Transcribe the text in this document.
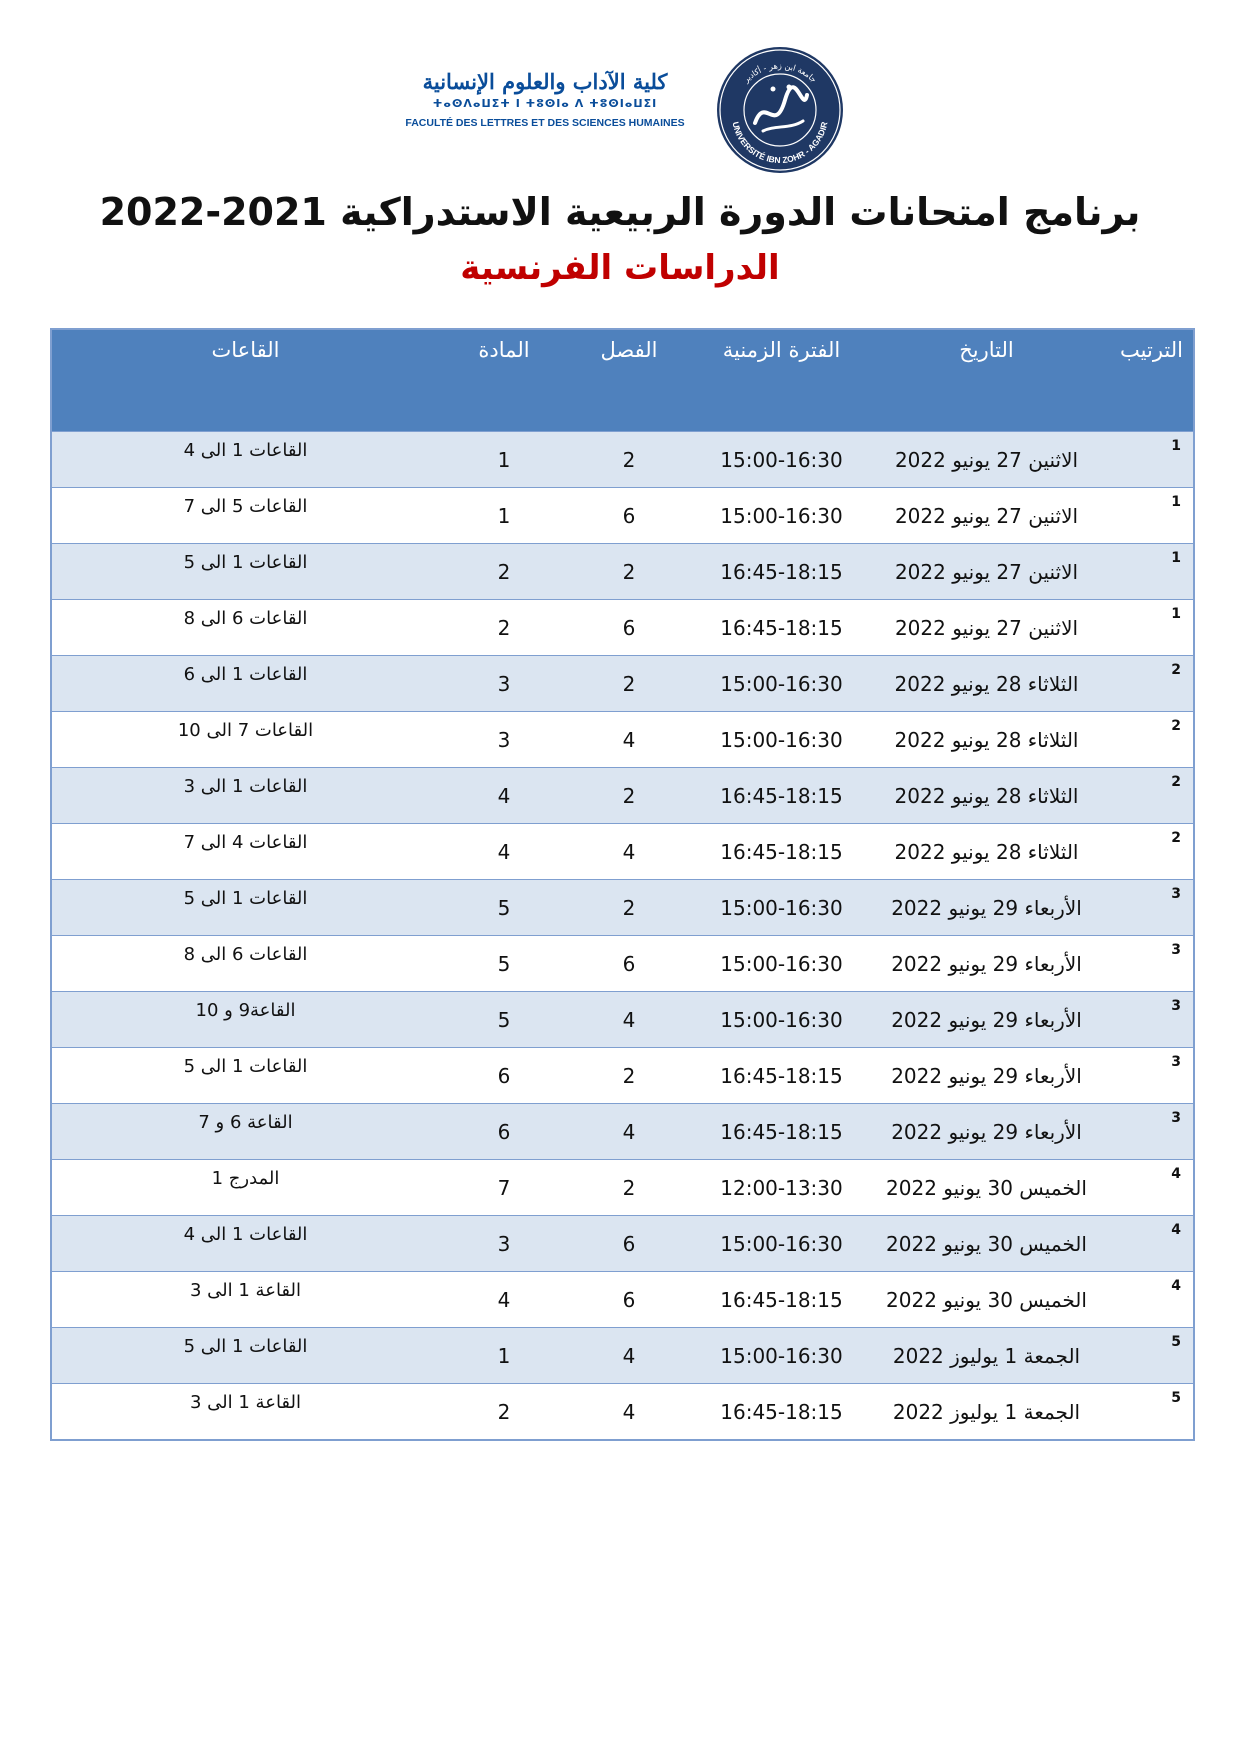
UNIVERSITÉ IBN ZOHR - AGADIR
جامعة ابن زهر - أكادير
كلية الآداب والعلوم الإنسانية
ⵜⴰⵙⴷⴰⵡⵉⵜ ⵏ ⵜⵓⵙⵏⴰ ⴷ ⵜⵓⵙⵏⴰⵡⵉⵏ
FACULTÉ DES LETTRES ET DES SCIENCES HUMAINES
برنامج امتحانات الدورة الربيعية الاستدراكية 2021-2022
الدراسات الفرنسية
الترتيب	التاريخ	الفترة الزمنية	الفصل	المادة	القاعات
1	الاثنين 27 يونيو 2022	15:00-16:30	2	1	القاعات 1 الى 4
1	الاثنين 27 يونيو 2022	15:00-16:30	6	1	القاعات 5 الى 7
1	الاثنين 27 يونيو 2022	16:45-18:15	2	2	القاعات 1 الى 5
1	الاثنين 27 يونيو 2022	16:45-18:15	6	2	القاعات 6 الى 8
2	الثلاثاء 28 يونيو 2022	15:00-16:30	2	3	القاعات 1 الى 6
2	الثلاثاء 28 يونيو 2022	15:00-16:30	4	3	القاعات 7 الى 10
2	الثلاثاء 28 يونيو 2022	16:45-18:15	2	4	القاعات 1 الى 3
2	الثلاثاء 28 يونيو 2022	16:45-18:15	4	4	القاعات 4 الى 7
3	الأربعاء 29 يونيو 2022	15:00-16:30	2	5	القاعات 1 الى 5
3	الأربعاء 29 يونيو 2022	15:00-16:30	6	5	القاعات 6 الى 8
3	الأربعاء 29 يونيو 2022	15:00-16:30	4	5	القاعة9 و 10
3	الأربعاء 29 يونيو 2022	16:45-18:15	2	6	القاعات 1 الى 5
3	الأربعاء 29 يونيو 2022	16:45-18:15	4	6	القاعة 6 و 7
4	الخميس 30 يونيو 2022	12:00-13:30	2	7	المدرج 1
4	الخميس 30 يونيو 2022	15:00-16:30	6	3	القاعات 1 الى 4
4	الخميس 30 يونيو 2022	16:45-18:15	6	4	القاعة 1 الى 3
5	الجمعة 1 يوليوز 2022	15:00-16:30	4	1	القاعات 1 الى 5
5	الجمعة 1 يوليوز 2022	16:45-18:15	4	2	القاعة 1 الى 3
